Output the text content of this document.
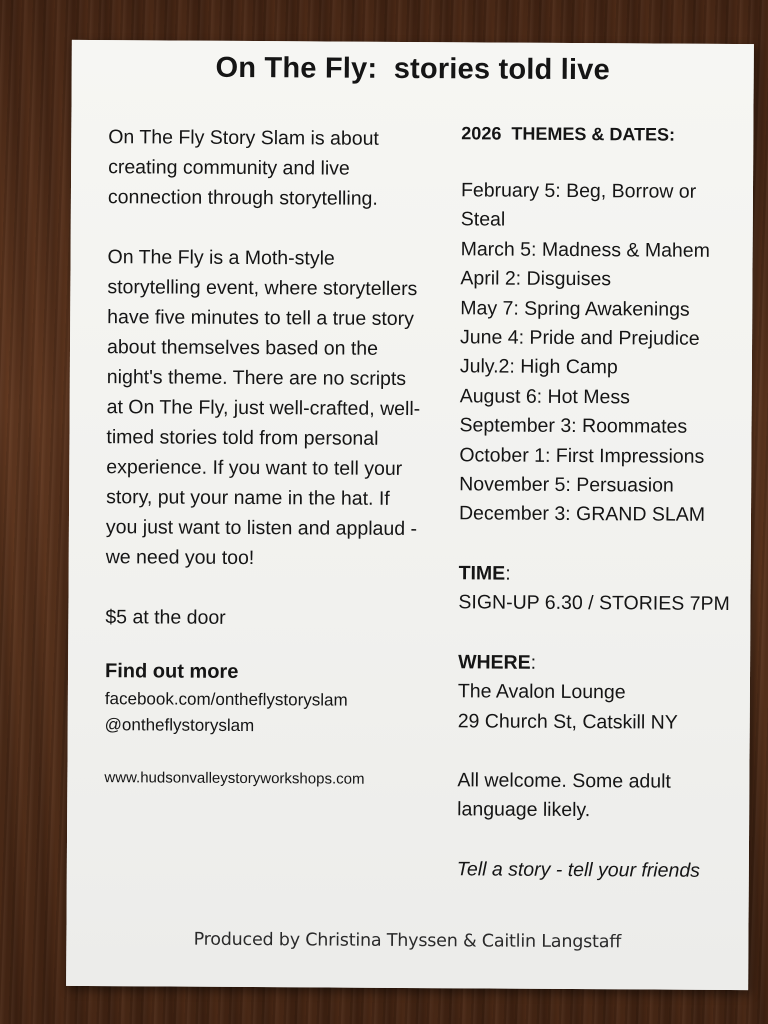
On The Fly:  stories told live

On The Fly Story Slam is about creating community and live connection through storytelling.

On The Fly is a Moth-style storytelling event, where storytellers have five minutes to tell a true story about themselves based on the night's theme. There are no scripts at On The Fly, just well-crafted, well-timed stories told from personal experience. If you want to tell your story, put your name in the hat. If you just want to listen and applaud - we need you too!

$5 at the door

Find out more
facebook.com/ontheflystoryslam
@ontheflystoryslam
www.hudsonvalleystoryworkshops.com
2026  THEMES & DATES:
February 5: Beg, Borrow or Steal
March 5: Madness & Mahem
April 2: Disguises
May 7: Spring Awakenings
June 4: Pride and Prejudice
July.2: High Camp
August 6: Hot Mess
September 3: Roommates
October 1: First Impressions
November 5: Persuasion
December 3: GRAND SLAM
TIME:
SIGN-UP 6.30 / STORIES 7PM
WHERE:
The Avalon Lounge
29 Church St, Catskill NY
All welcome. Some adult language likely.
Tell a story - tell your friends
Produced by Christina Thyssen & Caitlin Langstaff
